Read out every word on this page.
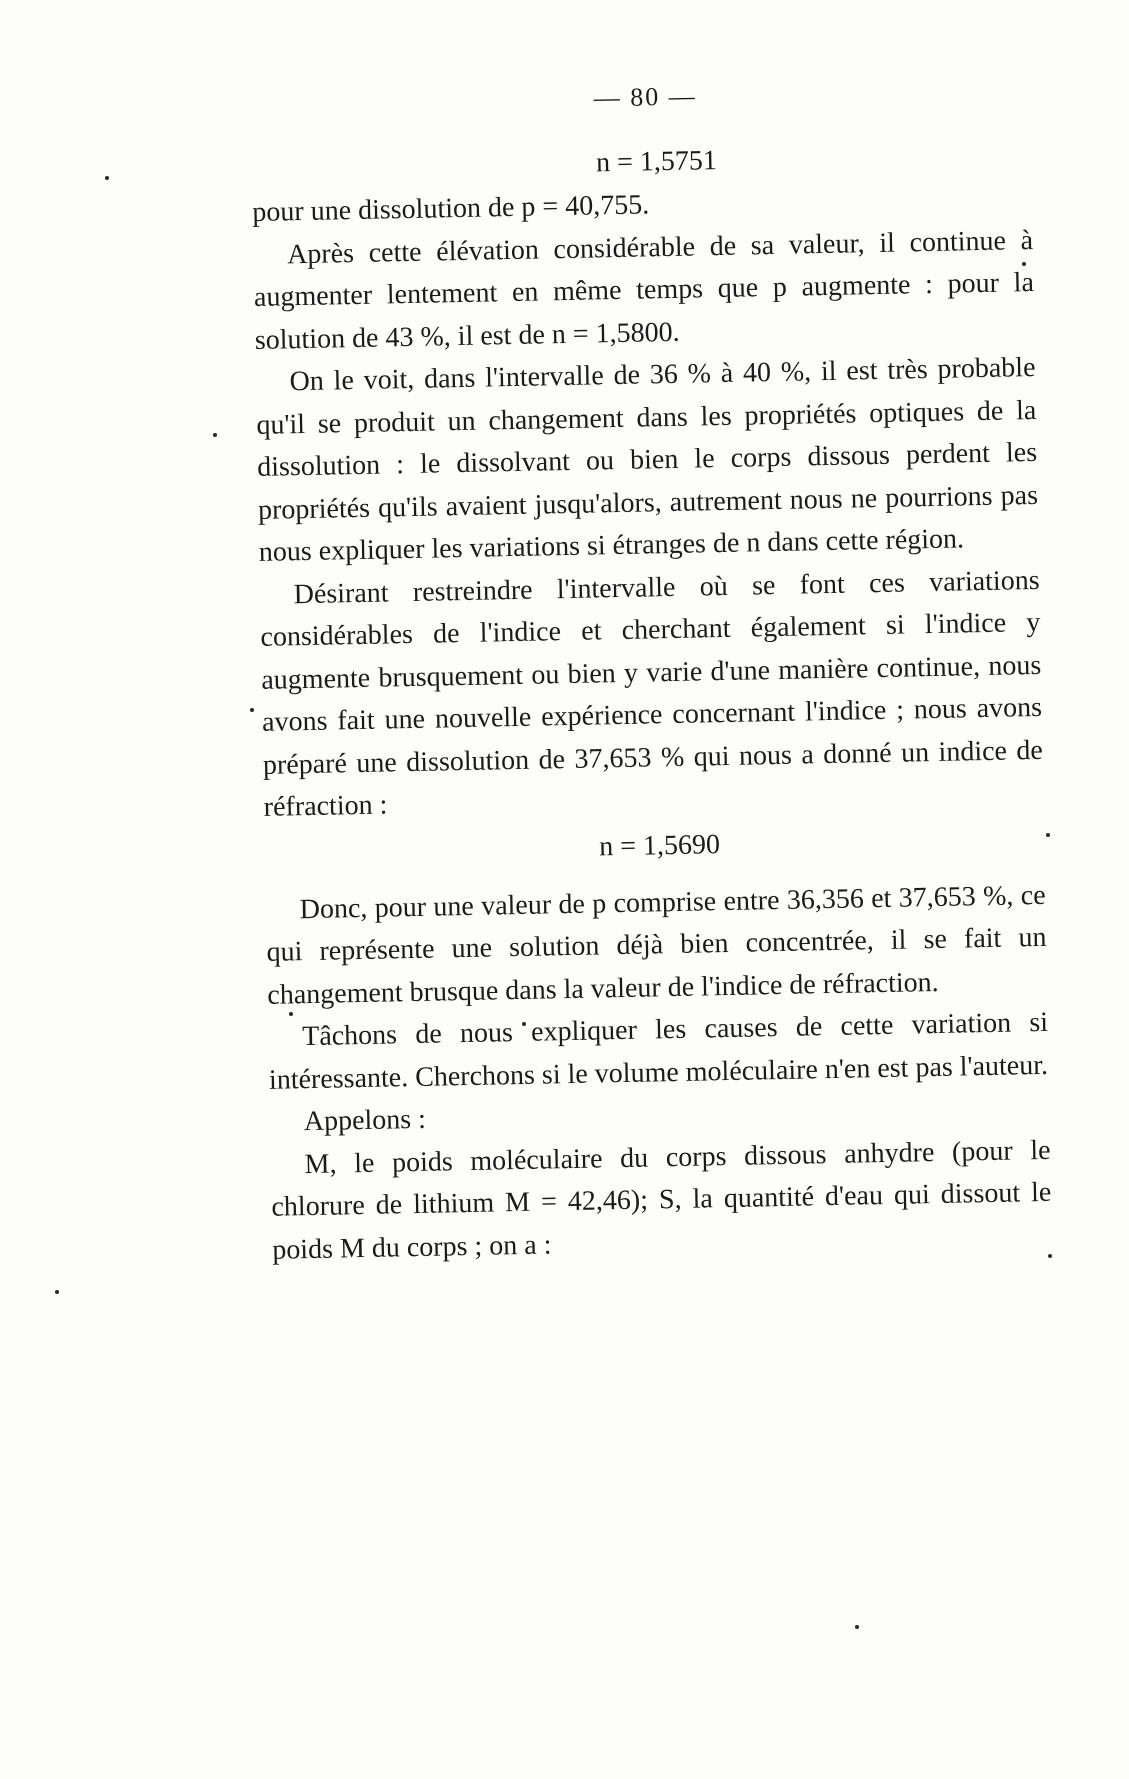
— 80 —
n = 1,5751

pour une dissolution de p = 40,755.

Après cette élévation considérable de sa valeur, il continue à augmenter lentement en même temps que p augmente : pour la solution de 43 %, il est de n = 1,5800.

On le voit, dans l'intervalle de 36 % à 40 %, il est très probable qu'il se produit un changement dans les propriétés optiques de la dissolution : le dissolvant ou bien le corps dissous perdent les propriétés qu'ils avaient jusqu'alors, autrement nous ne pourrions pas nous expliquer les variations si étranges de n dans cette région.

Désirant restreindre l'intervalle où se font ces variations considérables de l'indice et cherchant également si l'indice y augmente brusquement ou bien y varie d'une manière continue, nous avons fait une nouvelle expérience concernant l'indice ; nous avons préparé une dissolution de 37,653 % qui nous a donné un indice de réfraction :

n = 1,5690

Donc, pour une valeur de p comprise entre 36,356 et 37,653 %, ce qui représente une solution déjà bien concentrée, il se fait un changement brusque dans la valeur de l'indice de réfraction.

Tâchons de nous expliquer les causes de cette variation si intéressante. Cherchons si le volume moléculaire n'en est pas l'auteur.

Appelons :

M, le poids moléculaire du corps dissous anhydre (pour le chlorure de lithium M = 42,46); S, la quantité d'eau qui dissout le poids M du corps ; on a :
